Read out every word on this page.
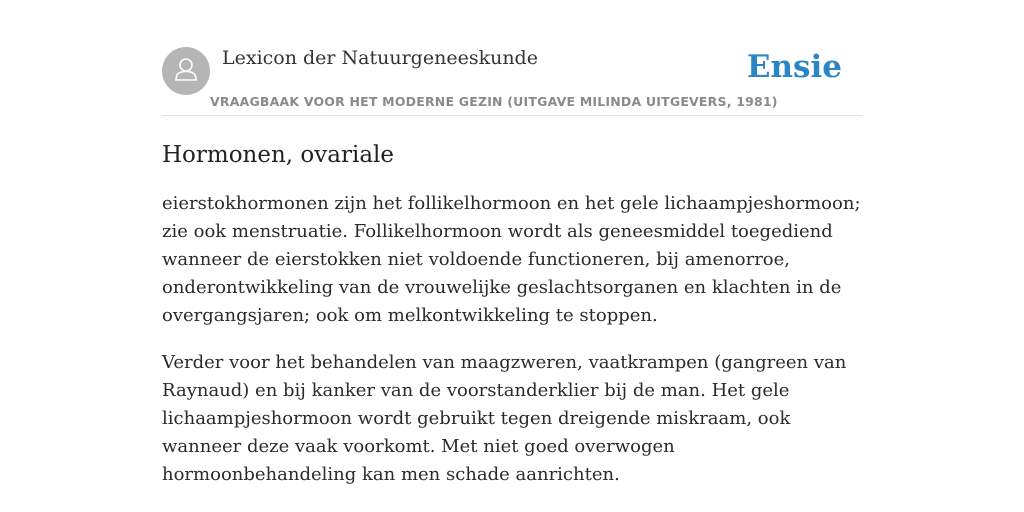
Lexicon der Natuurgeneeskunde
VRAAGBAAK VOOR HET MODERNE GEZIN (UITGAVE MILINDA UITGEVERS, 1981)
Ensie
Hormonen, ovariale

eierstokhormonen zijn het follikelhormoon en het gele lichaampjeshormoon; zie ook menstruatie. Follikelhormoon wordt als geneesmiddel toegediend wanneer de eierstokken niet voldoende functioneren, bij amenorroe, onderontwikkeling van de vrouwelijke geslachtsorganen en klachten in de overgangsjaren; ook om melkontwikkeling te stoppen.

Verder voor het behandelen van maagzweren, vaatkrampen (gangreen van Raynaud) en bij kanker van de voorstanderklier bij de man. Het gele lichaampjeshormoon wordt gebruikt tegen dreigende miskraam, ook wanneer deze vaak voorkomt. Met niet goed overwogen hormoonbehandeling kan men schade aanrichten.
